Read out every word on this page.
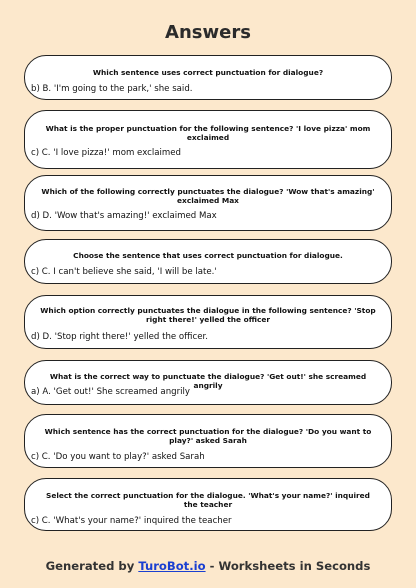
Answers
Which sentence uses correct punctuation for dialogue?
b) B. 'I'm going to the park,' she said.
What is the proper punctuation for the following sentence? 'I love pizza' mom exclaimed
c) C. 'I love pizza!' mom exclaimed
Which of the following correctly punctuates the dialogue? 'Wow that's amazing' exclaimed Max
d) D. 'Wow that's amazing!' exclaimed Max
Choose the sentence that uses correct punctuation for dialogue.
c) C. I can't believe she said, 'I will be late.'
Which option correctly punctuates the dialogue in the following sentence? 'Stop right there!' yelled the officer
d) D. 'Stop right there!' yelled the officer.
What is the correct way to punctuate the dialogue? 'Get out!' she screamed angrily
a) A. 'Get out!' She screamed angrily
Which sentence has the correct punctuation for the dialogue? 'Do you want to play?' asked Sarah
c) C. 'Do you want to play?' asked Sarah
Select the correct punctuation for the dialogue. 'What's your name?' inquired the teacher
c) C. 'What's your name?' inquired the teacher
Generated by TuroBot.io - Worksheets in Seconds
